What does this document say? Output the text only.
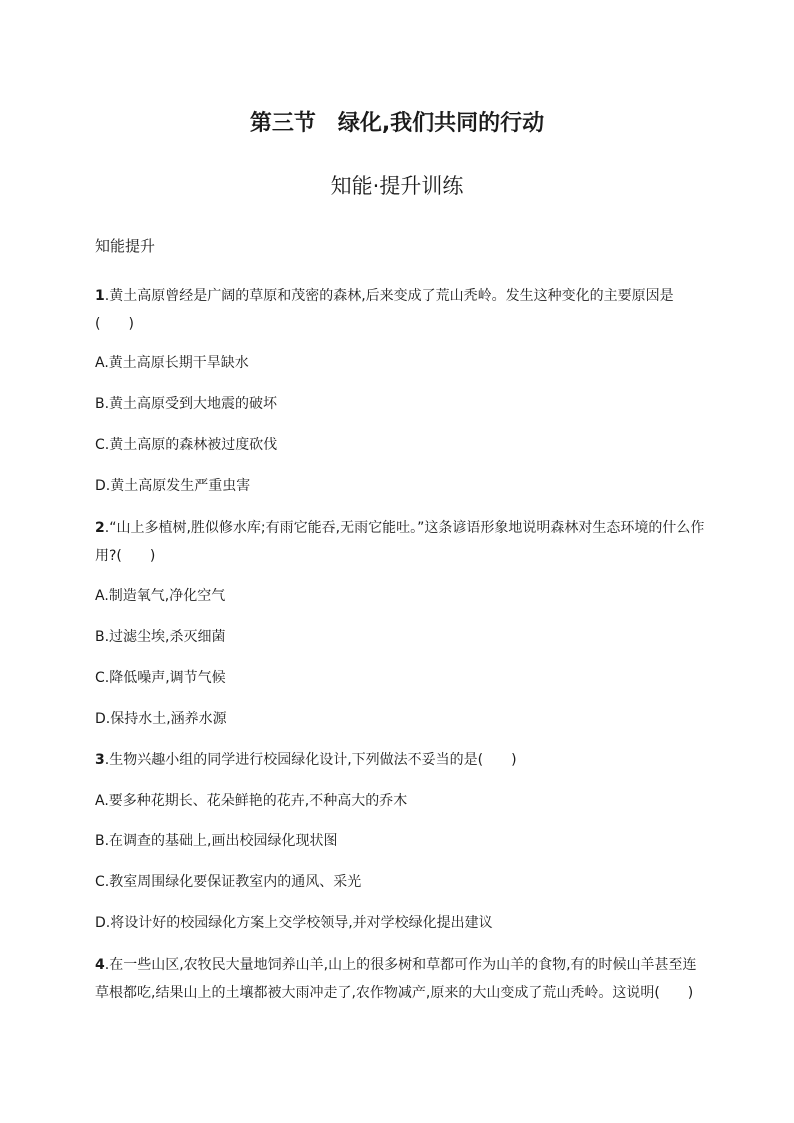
第三节　绿化,我们共同的行动
知能·提升训练
知能提升
1.黄土高原曾经是广阔的草原和茂密的森林,后来变成了荒山秃岭。发生这种变化的主要原因是(　　)
A.黄土高原长期干旱缺水
B.黄土高原受到大地震的破坏
C.黄土高原的森林被过度砍伐
D.黄土高原发生严重虫害
2.“山上多植树,胜似修水库;有雨它能吞,无雨它能吐。”这条谚语形象地说明森林对生态环境的什么作用?(　　)
A.制造氧气,净化空气
B.过滤尘埃,杀灭细菌
C.降低噪声,调节气候
D.保持水土,涵养水源
3.生物兴趣小组的同学进行校园绿化设计,下列做法不妥当的是(　　)
A.要多种花期长、花朵鲜艳的花卉,不种高大的乔木
B.在调查的基础上,画出校园绿化现状图
C.教室周围绿化要保证教室内的通风、采光
D.将设计好的校园绿化方案上交学校领导,并对学校绿化提出建议
4.在一些山区,农牧民大量地饲养山羊,山上的很多树和草都可作为山羊的食物,有的时候山羊甚至连草根都吃,结果山上的土壤都被大雨冲走了,农作物减产,原来的大山变成了荒山秃岭。这说明(　　)
